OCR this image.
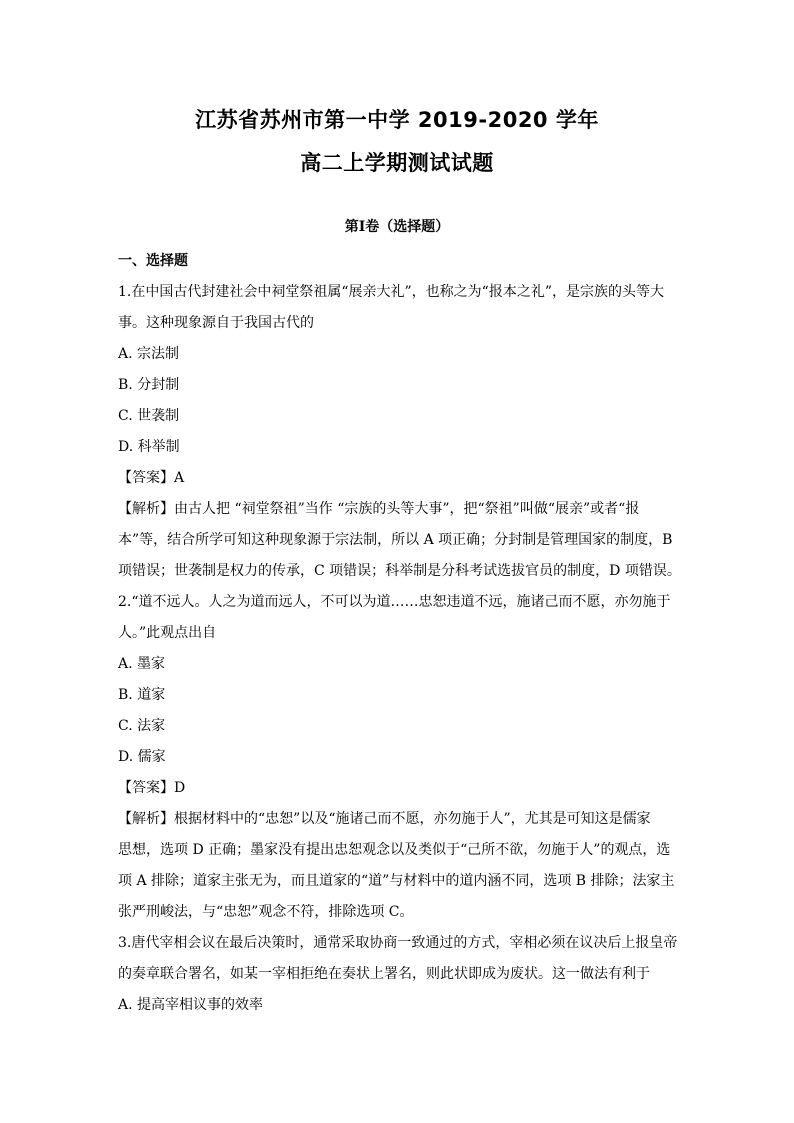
江苏省苏州市第一中学 2019-2020 学年
高二上学期测试试题
第Ⅰ卷（选择题）
一、选择题
1.在中国古代封建社会中祠堂祭祖属“展亲大礼”，也称之为“报本之礼”，是宗族的头等大
事。这种现象源自于我国古代的
A. 宗法制
B. 分封制
C. 世袭制
D. 科举制
【答案】A
【解析】由古人把 “祠堂祭祖”当作 “宗族的头等大事”，把“祭祖”叫做“展亲”或者“报
本”等，结合所学可知这种现象源于宗法制，所以 A 项正确；分封制是管理国家的制度，B
项错误；世袭制是权力的传承，C 项错误；科举制是分科考试选拔官员的制度，D 项错误。
2.“道不远人。人之为道而远人，不可以为道……忠恕违道不远，施诸己而不愿，亦勿施于
人。”此观点出自
A. 墨家
B. 道家
C. 法家
D. 儒家
【答案】D
【解析】根据材料中的“忠恕”以及“施诸己而不愿，亦勿施于人”，尤其是可知这是儒家
思想，选项 D 正确；墨家没有提出忠恕观念以及类似于“己所不欲，勿施于人”的观点，选
项 A 排除；道家主张无为，而且道家的“道”与材料中的道内涵不同，选项 B 排除；法家主
张严刑峻法，与“忠恕”观念不符，排除选项 C。
3.唐代宰相会议在最后决策时，通常采取协商一致通过的方式，宰相必须在议决后上报皇帝
的奏章联合署名，如某一宰相拒绝在奏状上署名，则此状即成为废状。这一做法有利于
A. 提高宰相议事的效率
